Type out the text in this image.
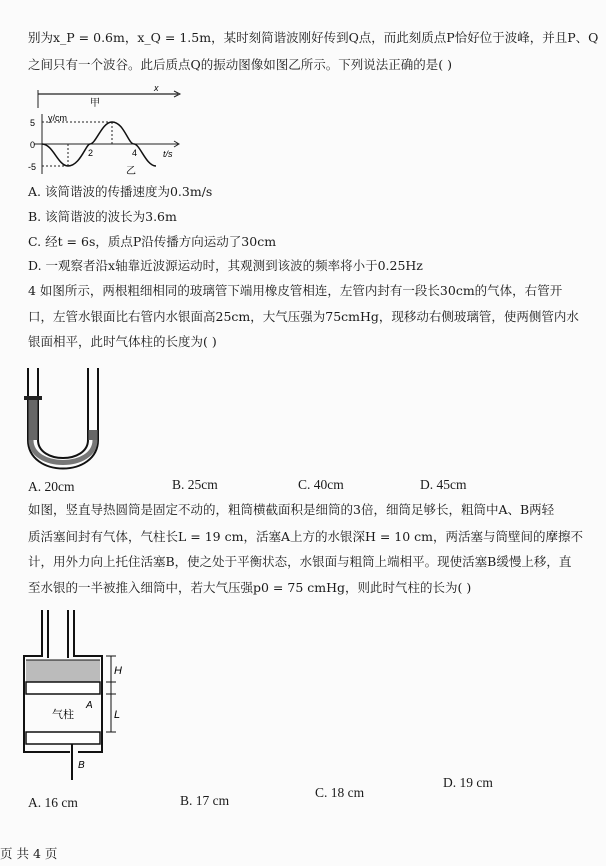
别为x_P = 0.6m，x_Q = 1.5m，某时刻简谐波刚好传到Q点，而此刻质点P恰好位于波峰，并且P、Q
之间只有一个波谷。此后质点Q的振动图像如图乙所示。下列说法正确的是( )
甲
x
y/cm
t/s
5
0
-5
2	4
乙
A. 该简谐波的传播速度为0.3m/s
B. 该简谐波的波长为3.6m
C. 经t = 6s，质点P沿传播方向运动了30cm
D. 一观察者沿x轴靠近波源运动时，其观测到该波的频率将小于0.25Hz
4 如图所示，两根粗细相同的玻璃管下端用橡皮管相连，左管内封有一段长30cm的气体，右管开
口，左管水银面比右管内水银面高25cm，大气压强为75cmHg，现移动右侧玻璃管，使两侧管内水
银面相平，此时气体柱的长度为( )
A. 20cm	B. 25cm	C. 40cm	D. 45cm
如图，竖直导热圆筒是固定不动的，粗筒横截面积是细筒的3倍，细筒足够长，粗筒中A、B两轻
质活塞间封有气体，气柱长L = 19 cm，活塞A上方的水银深H = 10 cm，两活塞与筒壁间的摩擦不
计，用外力向上托住活塞B，使之处于平衡状态，水银面与粗筒上端相平。现使活塞B缓慢上移，直
至水银的一半被推入细筒中，若大气压强p0 = 75 cmHg，则此时气柱的长为( )
H
L
A
气柱
B
A. 16 cm	B. 17 cm
C. 18 cm
D. 19 cm
页 共 4 页
